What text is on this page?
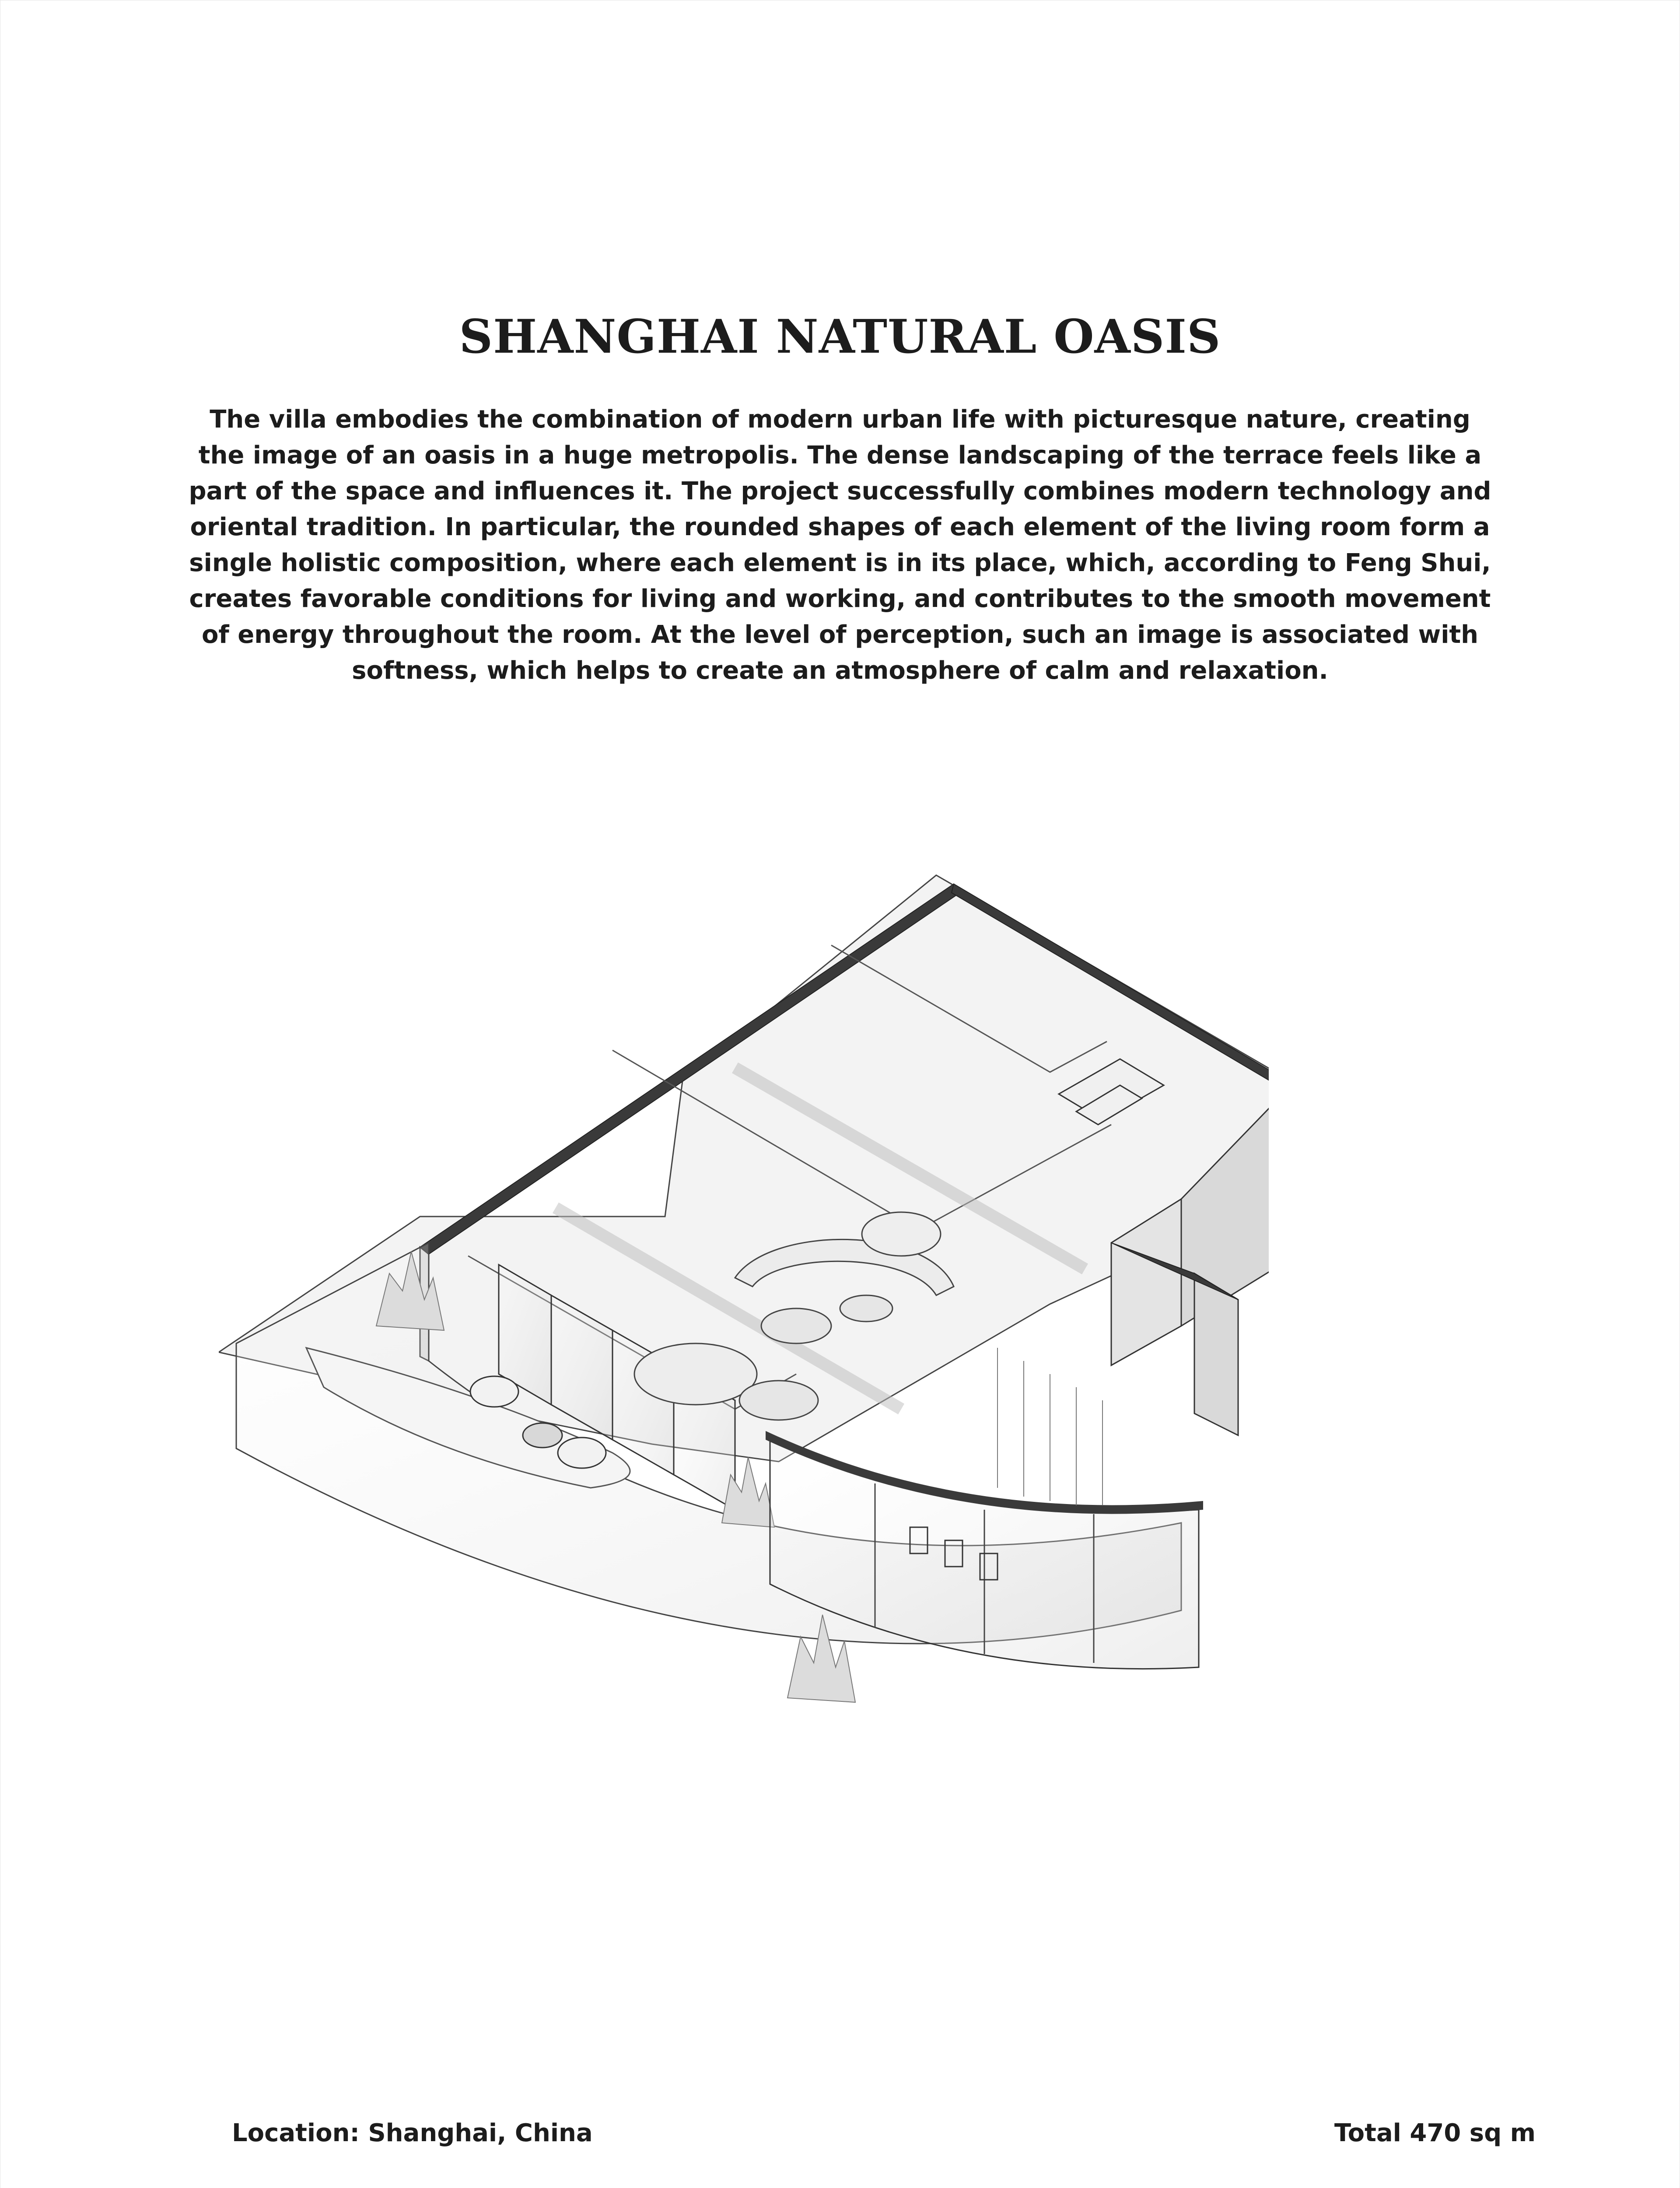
SHANGHAI NATURAL OASIS

The villa embodies the combination of modern urban life with picturesque nature, creating the image of an oasis in a huge metropolis. The dense landscaping of the terrace feels like a part of the space and influences it. The project successfully combines modern technology and oriental tradition. In particular, the rounded shapes of each element of the living room form a single holistic composition, where each element is in its place, which, according to Feng Shui, creates favorable conditions for living and working, and contributes to the smooth movement of energy throughout the room. At the level of perception, such an image is associated with softness, which helps to create an atmosphere of calm and relaxation.

Location: Shanghai, China	Total 470 sq m
